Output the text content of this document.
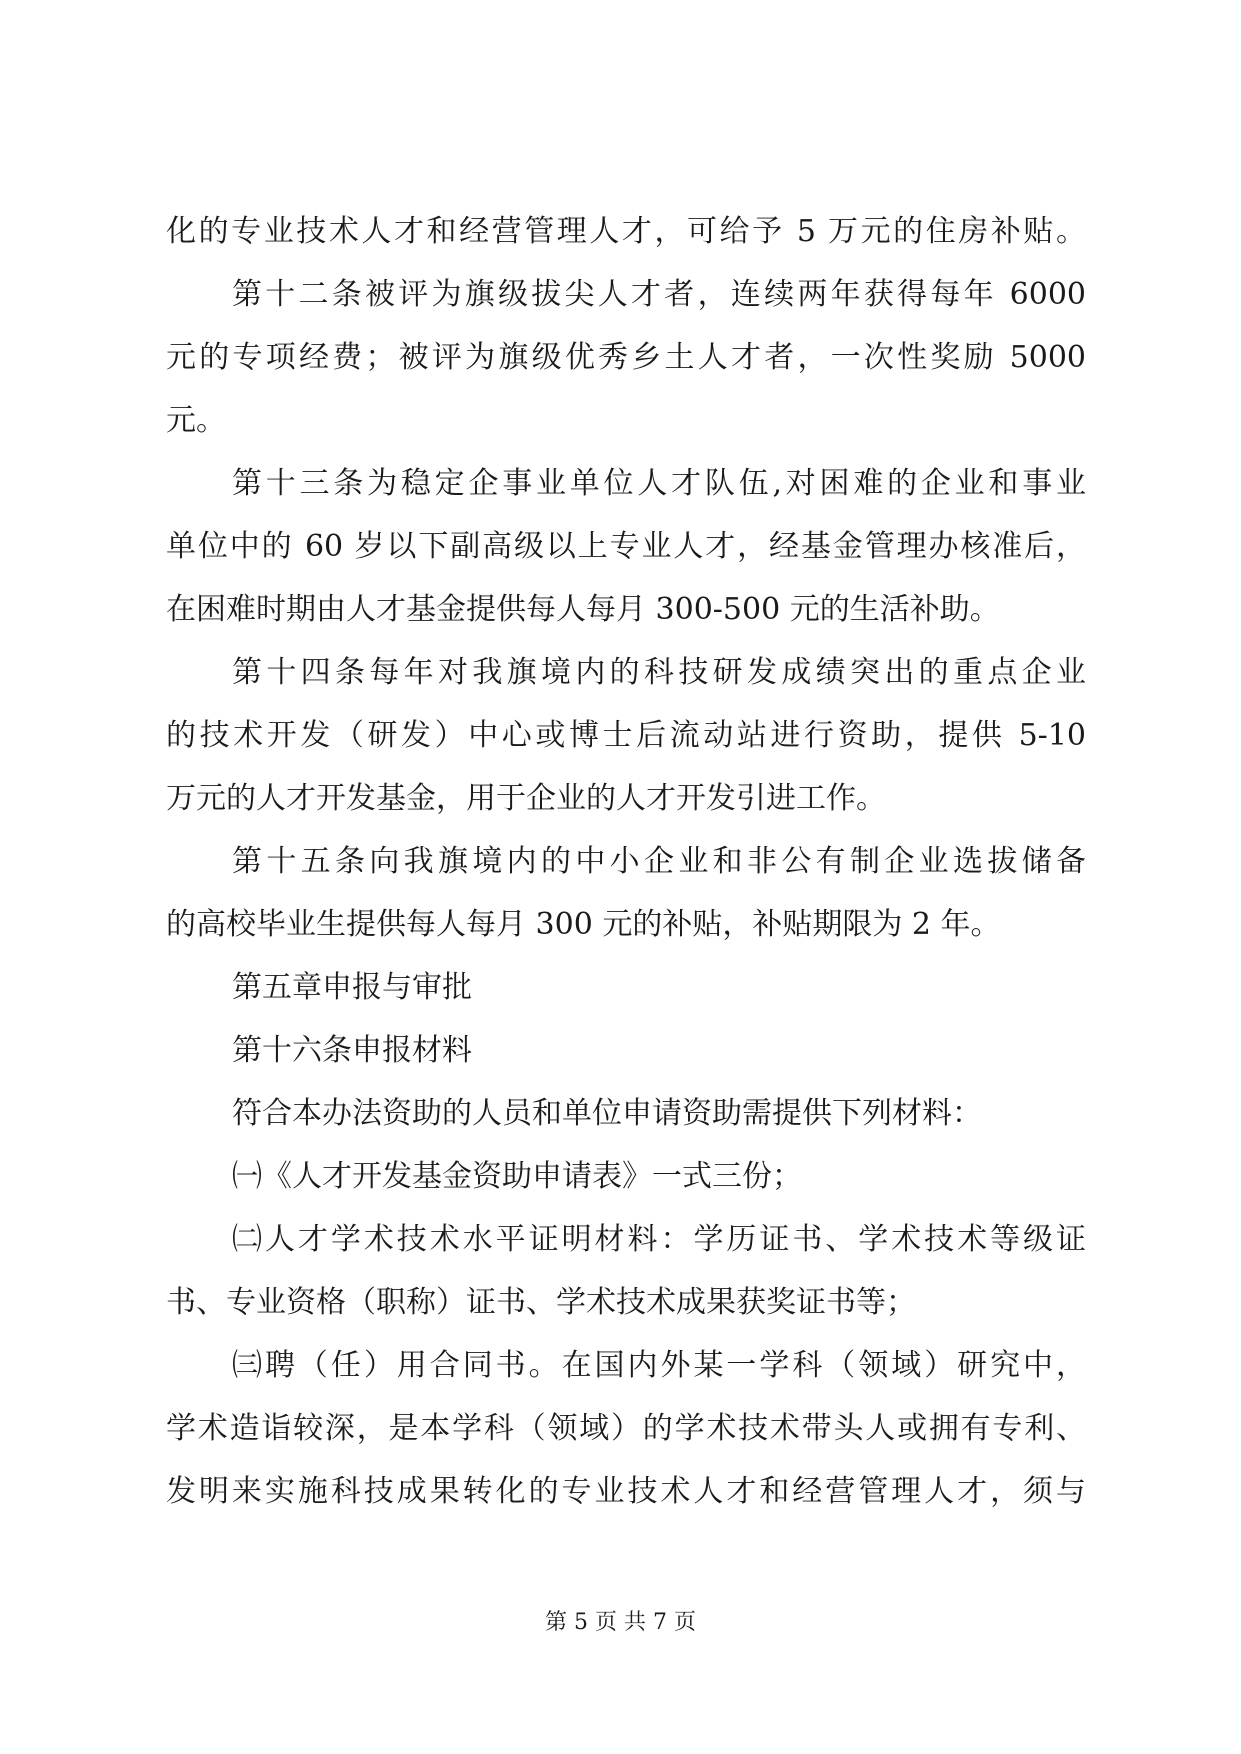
化的专业技术人才和经营管理人才，可给予 5 万元的住房补贴。
第十二条被评为旗级拔尖人才者，连续两年获得每年 6000
元的专项经费；被评为旗级优秀乡土人才者，一次性奖励 5000
元。
第十三条为稳定企事业单位人才队伍,对困难的企业和事业
单位中的 60 岁以下副高级以上专业人才，经基金管理办核准后，
在困难时期由人才基金提供每人每月 300-500 元的生活补助。
第十四条每年对我旗境内的科技研发成绩突出的重点企业
的技术开发（研发）中心或博士后流动站进行资助，提供 5-10
万元的人才开发基金，用于企业的人才开发引进工作。
第十五条向我旗境内的中小企业和非公有制企业选拔储备
的高校毕业生提供每人每月 300 元的补贴，补贴期限为 2 年。
第五章申报与审批
第十六条申报材料
符合本办法资助的人员和单位申请资助需提供下列材料：
㈠《人才开发基金资助申请表》一式三份；
㈡人才学术技术水平证明材料：学历证书、学术技术等级证
书、专业资格（职称）证书、学术技术成果获奖证书等；
㈢聘（任）用合同书。在国内外某一学科（领域）研究中，
学术造诣较深，是本学科（领域）的学术技术带头人或拥有专利、
发明来实施科技成果转化的专业技术人才和经营管理人才，须与
第 5 页 共 7 页
